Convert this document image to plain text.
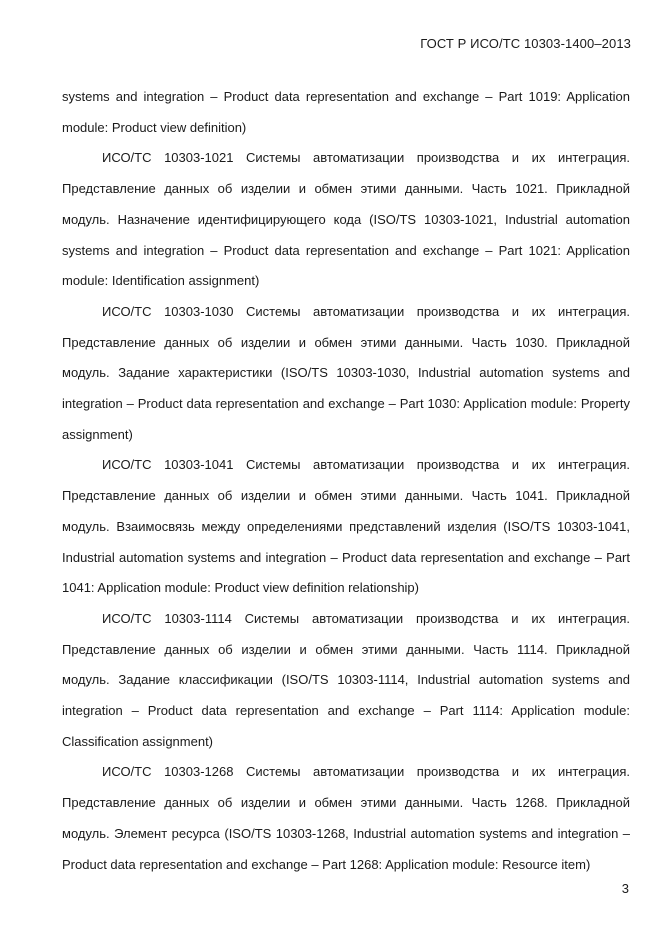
ГОСТ Р ИСО/ТС 10303-1400–2013

systems and integration – Product data representation and exchange – Part 1019: Application module: Product view definition)

ИСО/ТС 10303-1021 Системы автоматизации производства и их интеграция. Представление данных об изделии и обмен этими данными. Часть 1021. Прикладной модуль. Назначение идентифицирующего кода (ISO/TS 10303-1021, Industrial automation systems and integration – Product data representation and exchange – Part 1021: Application module: Identification assignment)

ИСО/ТС 10303-1030 Системы автоматизации производства и их интеграция. Представление данных об изделии и обмен этими данными. Часть 1030. Прикладной модуль. Задание характеристики (ISO/TS 10303-1030, Industrial automation systems and integration – Product data representation and exchange – Part 1030: Application module: Property assignment)

ИСО/ТС 10303-1041 Системы автоматизации производства и их интеграция. Представление данных об изделии и обмен этими данными. Часть 1041. Прикладной модуль. Взаимосвязь между определениями представлений изделия (ISO/TS 10303-1041, Industrial automation systems and integration – Product data representation and exchange – Part 1041: Application module: Product view definition relationship)

ИСО/ТС 10303-1114 Системы автоматизации производства и их интеграция. Представление данных об изделии и обмен этими данными. Часть 1114. Прикладной модуль. Задание классификации (ISO/TS 10303-1114, Industrial automation systems and integration – Product data representation and exchange – Part 1114: Application module: Classification assignment)

ИСО/ТС 10303-1268 Системы автоматизации производства и их интеграция. Представление данных об изделии и обмен этими данными. Часть 1268. Прикладной модуль. Элемент ресурса (ISO/TS 10303-1268, Industrial automation systems and integration – Product data representation and exchange – Part 1268: Application module: Resource item)

3
